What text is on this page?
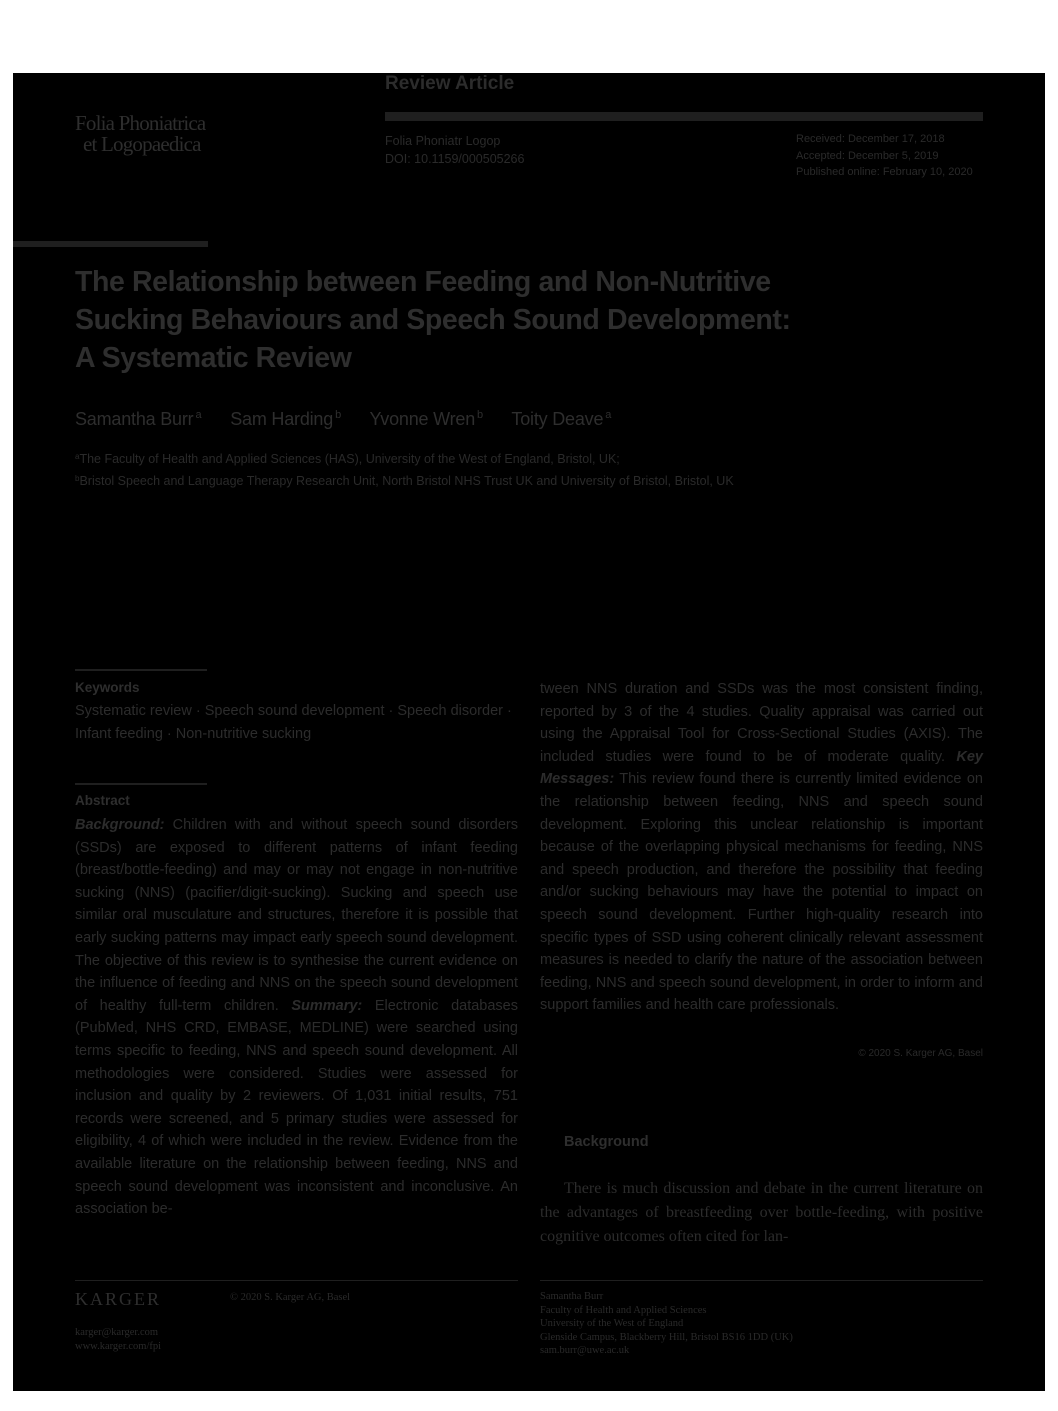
Folia Phoniatrica
et Logopaedica
Review Article
Folia Phoniatr Logop
DOI: 10.1159/000505266
Received: December 17, 2018
Accepted: December 5, 2019
Published online: February 10, 2020
The Relationship between Feeding and Non-Nutritive Sucking Behaviours and Speech Sound Development: A Systematic Review
Samantha Burr $^a$ Sam Harding $^b$ Yvonne Wren $^b$ Toity Deave $^a$
$^a$The Faculty of Health and Applied Sciences (HAS), University of the West of England, Bristol, UK;
$^b$Bristol Speech and Language Therapy Research Unit, North Bristol NHS Trust UK and University of Bristol, Bristol, UK
Keywords

Systematic review · Speech sound development · Speech disorder · Infant feeding · Non-nutritive sucking

Abstract

Background: Children with and without speech sound disorders (SSDs) are exposed to different patterns of infant feeding (breast/bottle-feeding) and may or may not engage in non-nutritive sucking (NNS) (pacifier/digit-sucking). Sucking and speech use similar oral musculature and structures, therefore it is possible that early sucking patterns may impact early speech sound development. The objective of this review is to synthesise the current evidence on the influence of feeding and NNS on the speech sound development of healthy full-term children. Summary: Electronic databases (PubMed, NHS CRD, EMBASE, MEDLINE) were searched using terms specific to feeding, NNS and speech sound development. All methodologies were considered. Studies were assessed for inclusion and quality by 2 reviewers. Of 1,031 initial results, 751 records were screened, and 5 primary studies were assessed for eligibility, 4 of which were included in the review. Evidence from the available literature on the relationship between feeding, NNS and speech sound development was inconsistent and inconclusive. An association be-

tween NNS duration and SSDs was the most consistent finding, reported by 3 of the 4 studies. Quality appraisal was carried out using the Appraisal Tool for Cross-Sectional Studies (AXIS). The included studies were found to be of moderate quality. Key Messages: This review found there is currently limited evidence on the relationship between feeding, NNS and speech sound development. Exploring this unclear relationship is important because of the overlapping physical mechanisms for feeding, NNS and speech production, and therefore the possibility that feeding and/or sucking behaviours may have the potential to impact on speech sound development. Further high-quality research into specific types of SSD using coherent clinically relevant assessment measures is needed to clarify the nature of the association between feeding, NNS and speech sound development, in order to inform and support families and health care professionals.

© 2020 S. Karger AG, Basel
Background

There is much discussion and debate in the current literature on the advantages of breastfeeding over bottle-feeding, with positive cognitive outcomes often cited for lan-

KARGER	© 2020 S. Karger AG, Basel
karger@karger.com
www.karger.com/fpi
Samantha Burr
Faculty of Health and Applied Sciences
University of the West of England
Glenside Campus, Blackberry Hill, Bristol BS16 1DD (UK)
sam.burr@uwe.ac.uk
